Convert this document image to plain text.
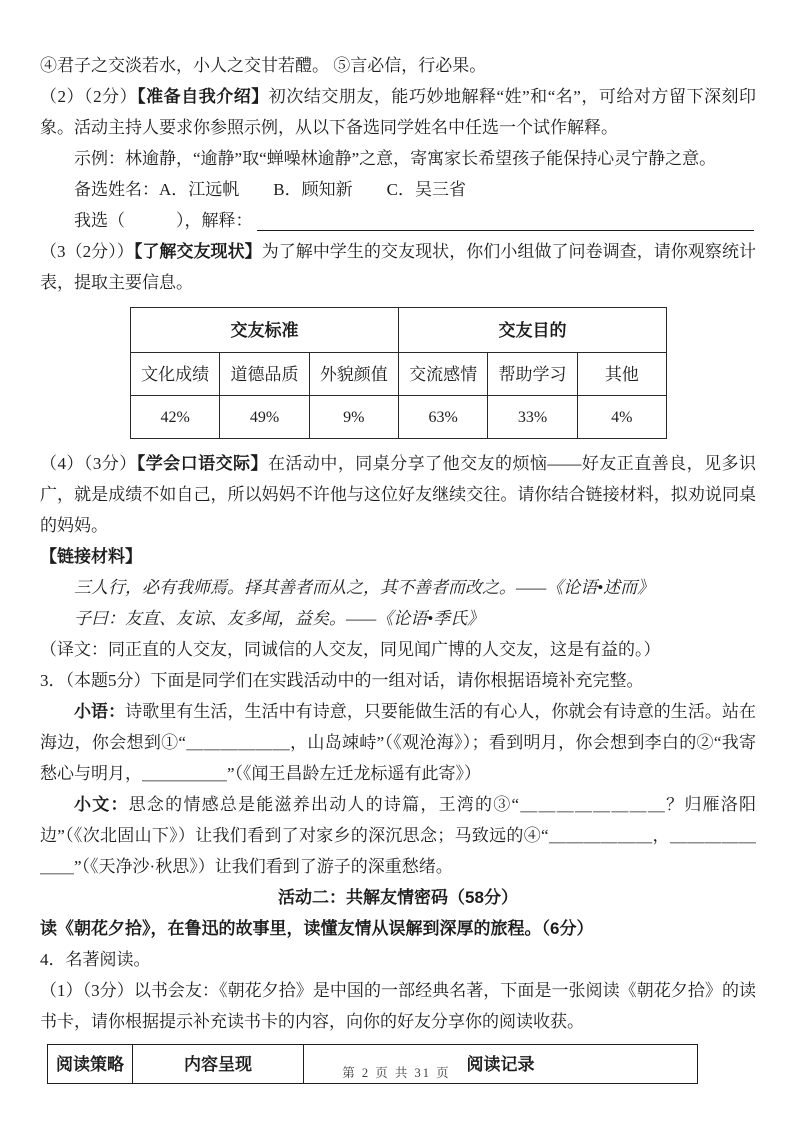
④君子之交淡若水，小人之交甘若醴。 ⑤言必信，行必果。

（2）（2分）【准备自我介绍】初次结交朋友，能巧妙地解释“姓”和“名”，可给对方留下深刻印象。活动主持人要求你参照示例，从以下备选同学姓名中任选一个试作解释。

示例：林逾静，“逾静”取“蝉噪林逾静”之意，寄寓家长希望孩子能保持心灵宁静之意。

备选姓名：A．江远帆　　B．顾知新　　C．吴三省

我选（　　　），解释：

（3（2分））【了解交友现状】为了解中学生的交友现状，你们小组做了问卷调查，请你观察统计表，提取主要信息。

交友标准			交友目的		
文化成绩	道德品质	外貌颜值	交流感情	帮助学习	其他
42%	49%	9%	63%	33%	4%

（4）（3分）【学会口语交际】在活动中，同桌分享了他交友的烦恼——好友正直善良，见多识广，就是成绩不如自己，所以妈妈不许他与这位好友继续交往。请你结合链接材料，拟劝说同桌的妈妈。

【链接材料】

三人行，必有我师焉。择其善者而从之，其不善者而改之。——《论语•述而》

子曰：友直、友谅、友多闻，益矣。——《论语•季氏》

（译文：同正直的人交友，同诚信的人交友，同见闻广博的人交友，这是有益的。）

3．（本题5分）下面是同学们在实践活动中的一组对话，请你根据语境补充完整。

小语：诗歌里有生活，生活中有诗意，只要能做生活的有心人，你就会有诗意的生活。站在海边，你会想到①“＿＿＿＿＿＿，山岛竦峙”（《观沧海》）；看到明月，你会想到李白的②“我寄愁心与明月，＿＿＿＿＿”（《闻王昌龄左迁龙标遥有此寄》）

小文：思念的情感总是能滋养出动人的诗篇，王湾的③“＿＿＿＿＿＿＿＿？归雁洛阳边”（《次北固山下》）让我们看到了对家乡的深沉思念；马致远的④“＿＿＿＿＿＿，＿＿＿＿＿＿＿”（《天净沙·秋思》）让我们看到了游子的深重愁绪。

活动二：共解友情密码（58分）

读《朝花夕拾》，在鲁迅的故事里，读懂友情从误解到深厚的旅程。（6分）

4．名著阅读。

（1）（3分）以书会友：《朝花夕拾》是中国的一部经典名著，下面是一张阅读《朝花夕拾》的读书卡，请你根据提示补充读书卡的内容，向你的好友分享你的阅读收获。

阅读策略	内容呈现	阅读记录
第 2 页 共 31 页
